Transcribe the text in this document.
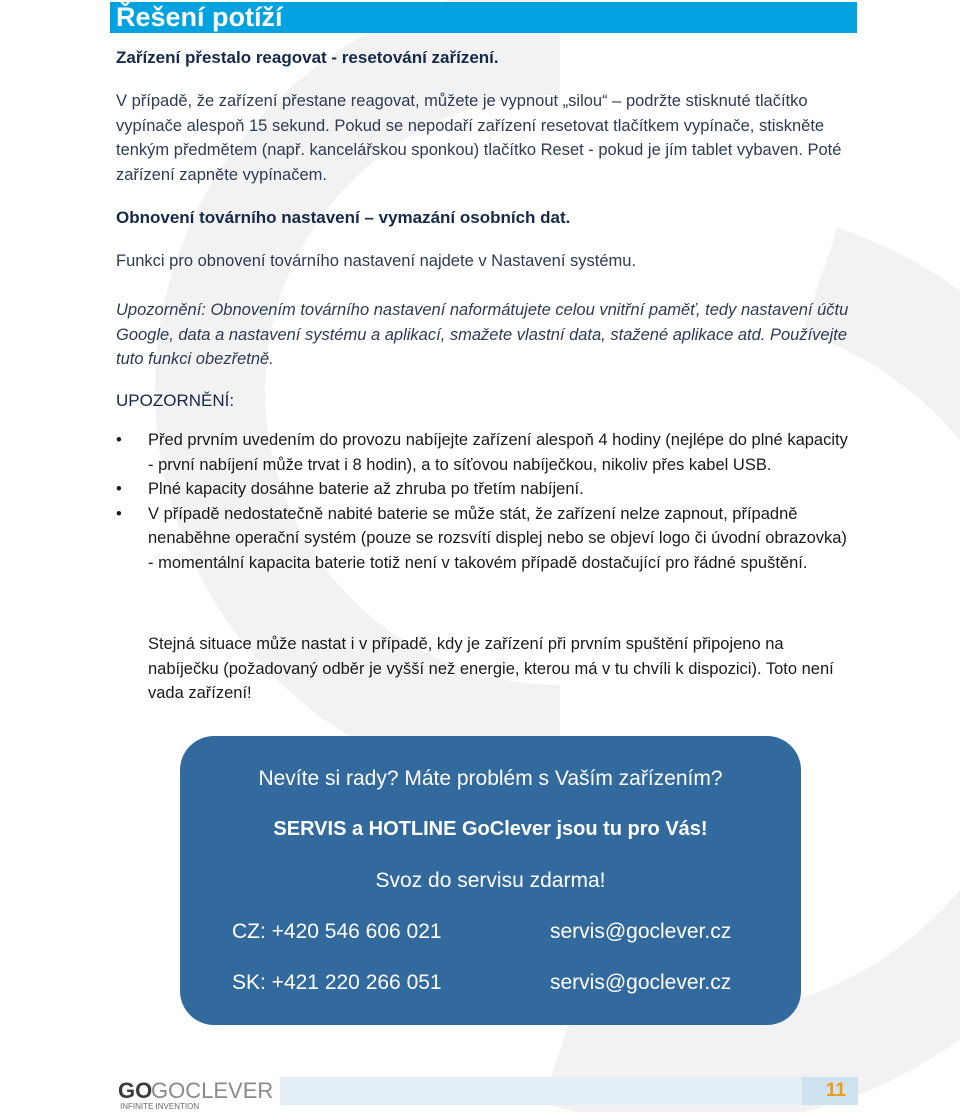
Řešení potíží
Zařízení přestalo reagovat - resetování zařízení.
V případě, že zařízení přestane reagovat, můžete je vypnout „silou“ – podržte stisknuté tlačítko vypínače alespoň 15 sekund. Pokud se nepodaří zařízení resetovat tlačítkem vypínače, stiskněte tenkým předmětem (např. kancelářskou sponkou) tlačítko Reset - pokud je jím tablet vybaven. Poté zařízení zapněte vypínačem.
Obnovení továrního nastavení – vymazání osobních dat.
Funkci pro obnovení továrního nastavení najdete v Nastavení systému.
Upozornění: Obnovením továrního nastavení naformátujete celou vnitřní paměť, tedy nastavení účtu Google, data a nastavení systému a aplikací, smažete vlastní data, stažené aplikace atd. Používejte tuto funkci obezřetně.
UPOZORNĚNÍ:
• Před prvním uvedením do provozu nabíjejte zařízení alespoň 4 hodiny (nejlépe do plné kapacity - první nabíjení může trvat i 8 hodin), a to síťovou nabíječkou, nikoliv přes kabel USB.
• Plné kapacity dosáhne baterie až zhruba po třetím nabíjení.
• V případě nedostatečně nabité baterie se může stát, že zařízení nelze zapnout, případně nenaběhne operační systém (pouze se rozsvítí displej nebo se objeví logo či úvodní obrazovka) - momentální kapacita baterie totiž není v takovém případě dostačující pro řádné spuštění.
Stejná situace může nastat i v případě, kdy je zařízení při prvním spuštění připojeno na nabíječku (požadovaný odběr je vyšší než energie, kterou má v tu chvíli k dispozici). Toto není vada zařízení!
Nevíte si rady? Máte problém s Vaším zařízením?
SERVIS a HOTLINE GoClever jsou tu pro Vás!
Svoz do servisu zdarma!
CZ: +420 546 606 021	servis@goclever.cz
SK: +421 220 266 051	servis@goclever.cz
GO
GOCLEVER
INFINITE INVENTION
11
